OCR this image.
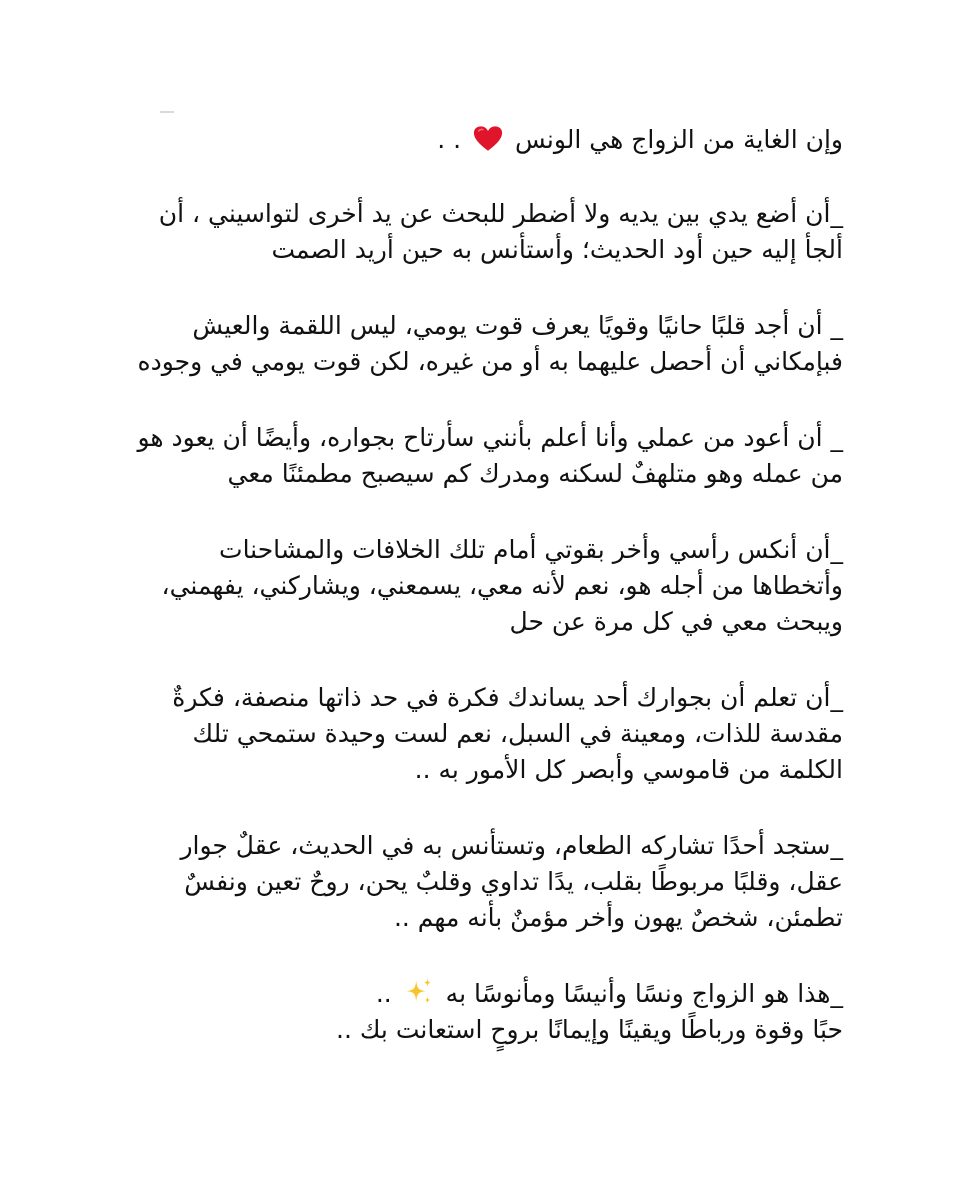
وإن الغاية من الزواج هي الونس
. .
_أن أضع يدي بين يديه ولا أضطر للبحث عن يد أخرى لتواسيني ، أن
ألجأ إليه حين أود الحديث؛ وأستأنس به حين أريد الصمت
_ أن أجد قلبًا حانيًا وقويًا يعرف قوت يومي، ليس اللقمة والعيش
فبإمكاني أن أحصل عليهما به أو من غيره، لكن قوت يومي في وجوده
_ أن أعود من عملي وأنا أعلم بأنني سأرتاح بجواره، وأيضًا أن يعود هو
من عمله وهو متلهفٌ لسكنه ومدرك كم سيصبح مطمئنًا معي
_أن أنكس رأسي وأخر بقوتي أمام تلك الخلافات والمشاحنات
وأتخطاها من أجله هو، نعم لأنه معي، يسمعني، ويشاركني، يفهمني،
ويبحث معي في كل مرة عن حل
_أن تعلم أن بجوارك أحد يساندك فكرة في حد ذاتها منصفة، فكرةٌ
مقدسة للذات، ومعينة في السبل، نعم لست وحيدة ستمحي تلك
الكلمة من قاموسي وأبصر كل الأمور به ..
_ستجد أحدًا تشاركه الطعام، وتستأنس به في الحديث، عقلٌ جوار
عقل، وقلبًا مربوطًا بقلب، يدًا تداوي وقلبٌ يحن، روحٌ تعين ونفسٌ
تطمئن، شخصٌ يهون وأخر مؤمنٌ بأنه مهم ..
_هذا هو الزواج ونسًا وأنيسًا ومأنوسًا به
..
حبًا وقوة ورباطًا ويقينًا وإيمانًا بروحٍ استعانت بك ..
